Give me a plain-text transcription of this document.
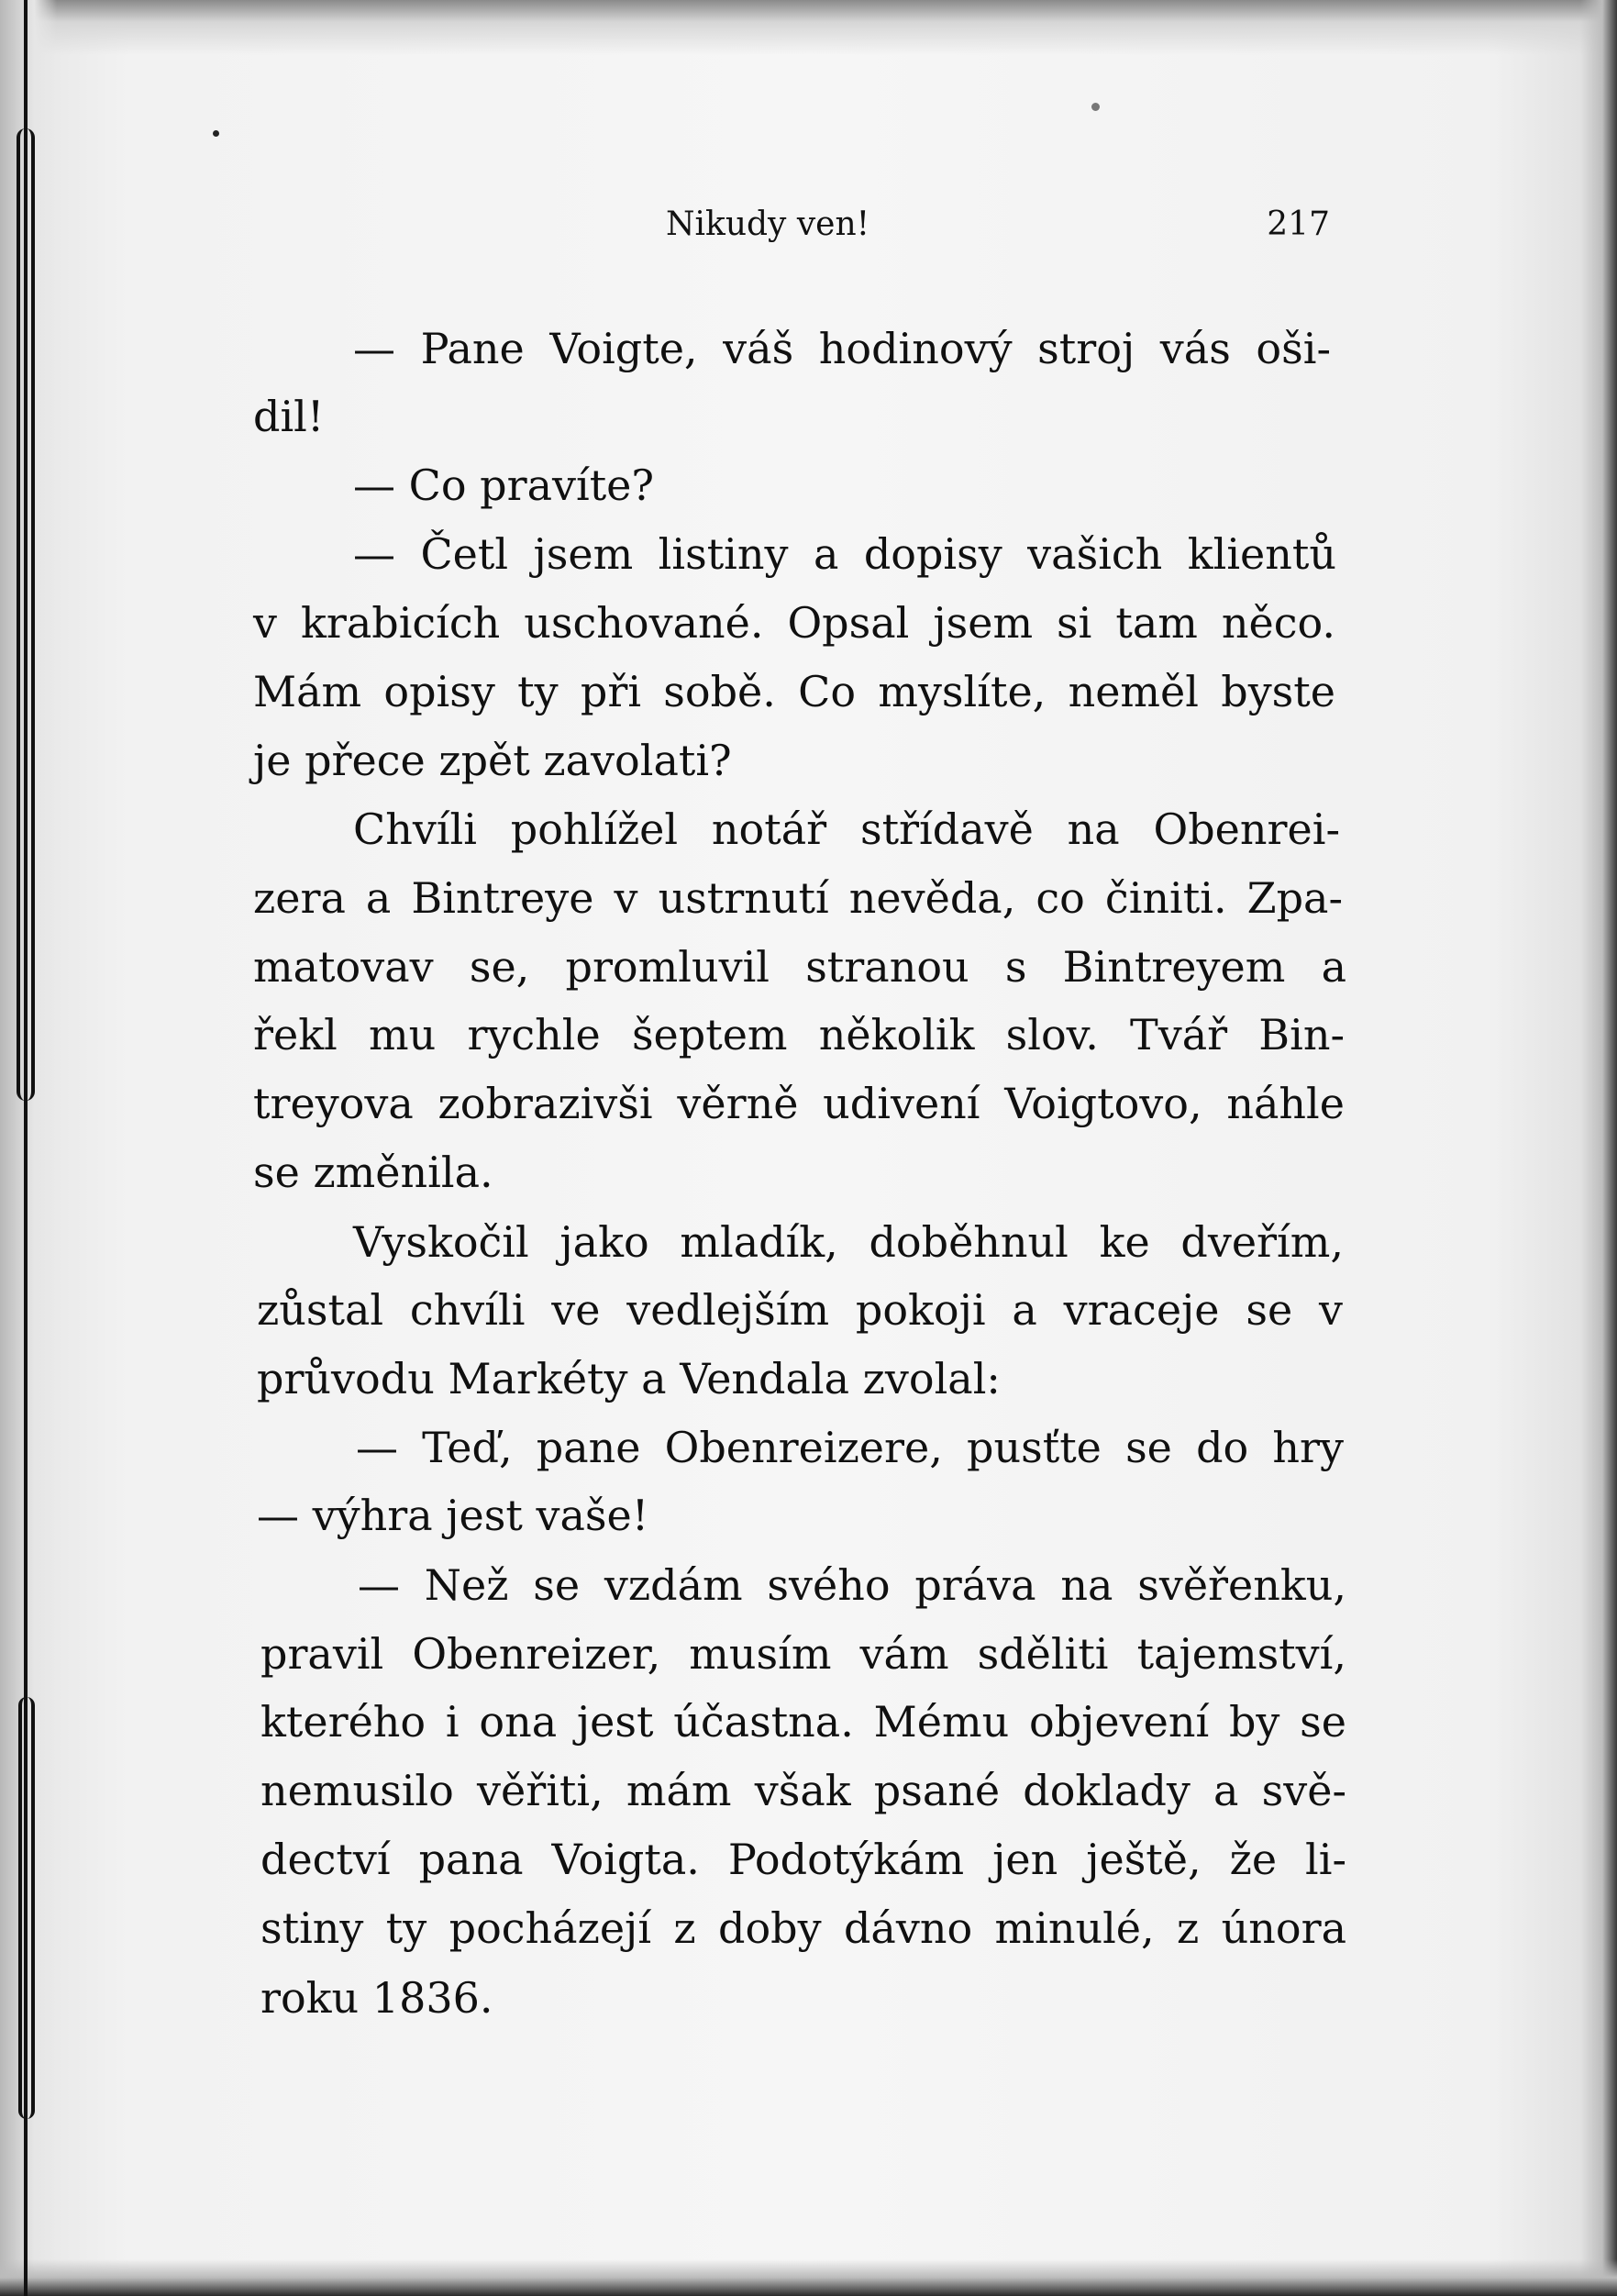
Nikudy ven!	217

— Pane Voigte, váš hodinový stroj vás oši-

dil!

— Co pravíte?

— Četl jsem listiny a dopisy vašich klientů

v krabicích uschované. Opsal jsem si tam něco.

Mám opisy ty při sobě. Co myslíte, neměl byste

je přece zpět zavolati?

Chvíli pohlížel notář střídavě na Obenrei-

zera a Bintreye v ustrnutí nevěda, co činiti. Zpa-

matovav se, promluvil stranou s Bintreyem a

řekl mu rychle šeptem několik slov. Tvář Bin-

treyova zobrazivši věrně udivení Voigtovo, náhle

se změnila.

Vyskočil jako mladík, doběhnul ke dveřím,

zůstal chvíli ve vedlejším pokoji a vraceje se v

průvodu Markéty a Vendala zvolal:

— Teď, pane Obenreizere, pusťte se do hry

— výhra jest vaše!

— Než se vzdám svého práva na svěřenku,

pravil Obenreizer, musím vám sděliti tajemství,

kterého i ona jest účastna. Mému objevení by se

nemusilo věřiti, mám však psané doklady a svě-

dectví pana Voigta. Podotýkám jen ještě, že li-

stiny ty pocházejí z doby dávno minulé, z února

roku 1836.
